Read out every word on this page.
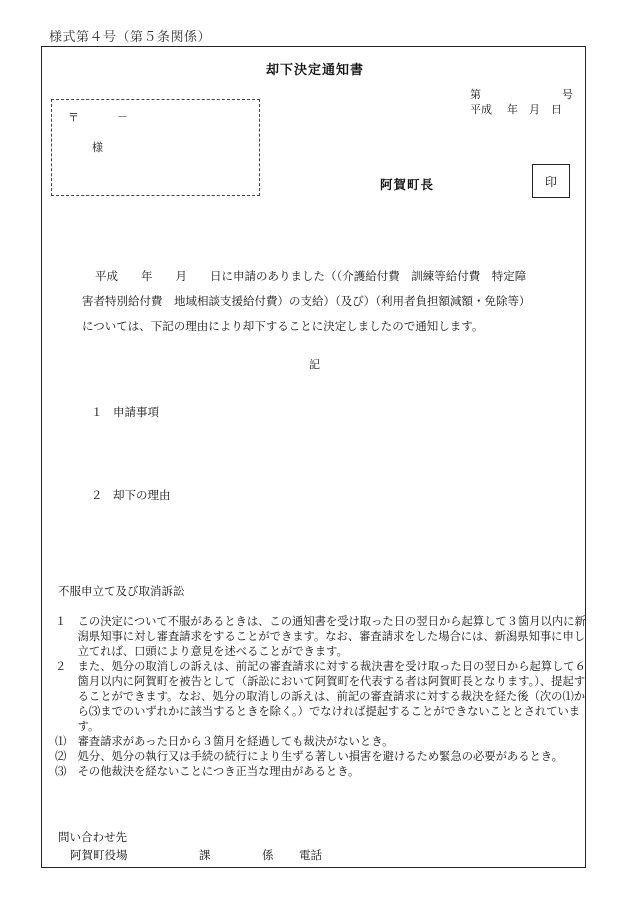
様式第４号（第５条関係）
却下決定通知書
第	号
平成 年 月 日
〒	－
様
阿賀町長	印
平成　　年　　月　　日に申請のありました（（介護給付費　訓練等給付費　特定障
害者特別給付費　地域相談支援給付費）の支給）（及び）（利用者負担額減額・免除等）
については、下記の理由により却下することに決定しましたので通知します。
記
１ 申請事項
２ 却下の理由
不服申立て及び取消訴訟
１　 この決定について不服があるときは、この通知書を受け取った日の翌日から起算して３箇月以内に新潟県知事に対し審査請求をすることができます。なお、審査請求をした場合には、新潟県知事に申し立てれば、口頭により意見を述べることができます。
２　 また、処分の取消しの訴えは、前記の審査請求に対する裁決書を受け取った日の翌日から起算して６箇月以内に阿賀町を被告として（訴訟において阿賀町を代表する者は阿賀町長となります。）、提起することができます。なお、処分の取消しの訴えは、前記の審査請求に対する裁決を経た後（次の⑴から⑶までのいずれかに該当するときを除く。）でなければ提起することができないこととされています。
⑴　 審査請求があった日から３箇月を経過しても裁決がないとき。
⑵　 処分、処分の執行又は手続の続行により生ずる著しい損害を避けるため緊急の必要があるとき。
⑶　 その他裁決を経ないことにつき正当な理由があるとき。
問い合わせ先
阿賀町役場	課	係 電話
